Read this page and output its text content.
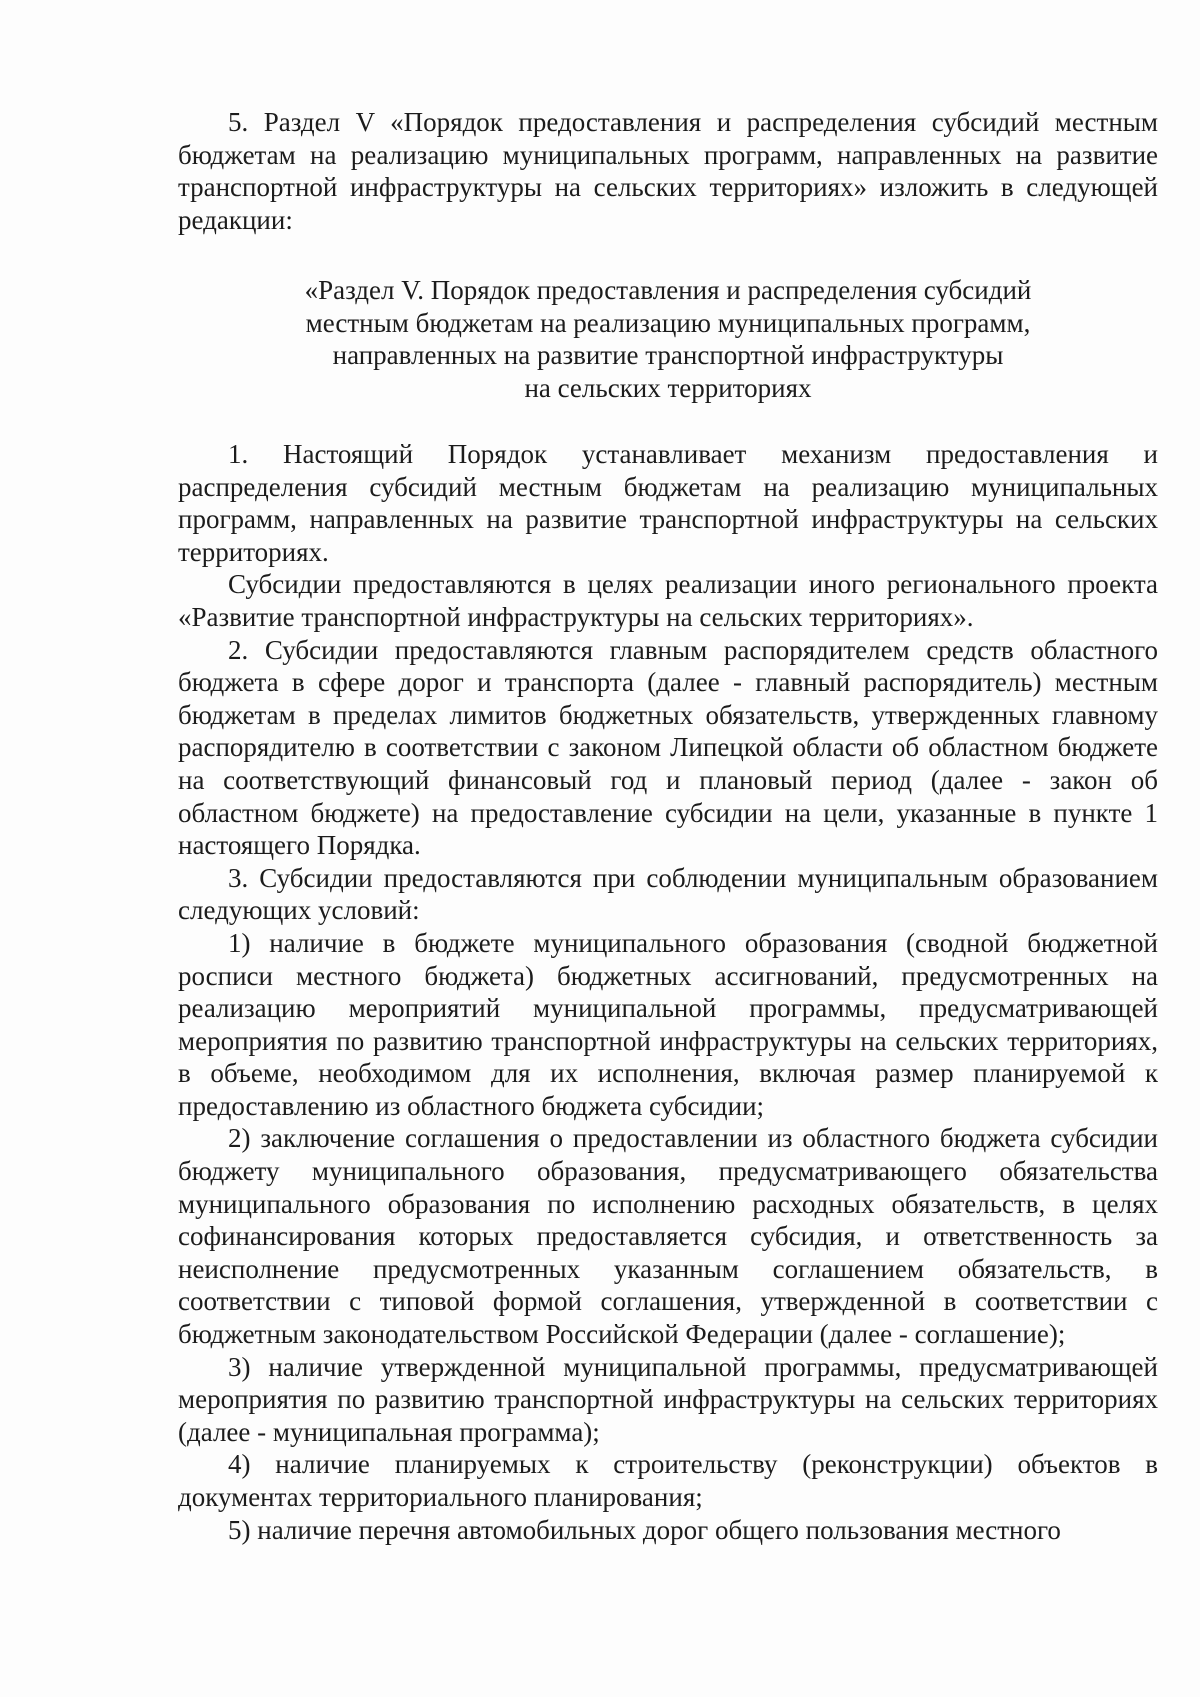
5. Раздел V «Порядок предоставления и распределения субсидий местным бюджетам на реализацию муниципальных программ, направленных на развитие транспортной инфраструктуры на сельских территориях» изложить в следующей редакции:

«Раздел V. Порядок предоставления и распределения субсидий
местным бюджетам на реализацию муниципальных программ,
направленных на развитие транспортной инфраструктуры
на сельских территориях

1. Настоящий Порядок устанавливает механизм предоставления и распределения субсидий местным бюджетам на реализацию муниципальных программ, направленных на развитие транспортной инфраструктуры на сельских территориях.

Субсидии предоставляются в целях реализации иного регионального проекта «Развитие транспортной инфраструктуры на сельских территориях».

2. Субсидии предоставляются главным распорядителем средств областного бюджета в сфере дорог и транспорта (далее - главный распорядитель) местным бюджетам в пределах лимитов бюджетных обязательств, утвержденных главному распорядителю в соответствии с законом Липецкой области об областном бюджете на соответствующий финансовый год и плановый период (далее - закон об областном бюджете) на предоставление субсидии на цели, указанные в пункте 1 настоящего Порядка.

3. Субсидии предоставляются при соблюдении муниципальным образованием следующих условий:

1) наличие в бюджете муниципального образования (сводной бюджетной росписи местного бюджета) бюджетных ассигнований, предусмотренных на реализацию мероприятий муниципальной программы, предусматривающей мероприятия по развитию транспортной инфраструктуры на сельских территориях, в объеме, необходимом для их исполнения, включая размер планируемой к предоставлению из областного бюджета субсидии;

2) заключение соглашения о предоставлении из областного бюджета субсидии бюджету муниципального образования, предусматривающего обязательства муниципального образования по исполнению расходных обязательств, в целях софинансирования которых предоставляется субсидия, и ответственность за неисполнение предусмотренных указанным соглашением обязательств, в соответствии с типовой формой соглашения, утвержденной в соответствии с бюджетным законодательством Российской Федерации (далее - соглашение);

3) наличие утвержденной муниципальной программы, предусматривающей мероприятия по развитию транспортной инфраструктуры на сельских территориях (далее - муниципальная программа);

4) наличие планируемых к строительству (реконструкции) объектов в документах территориального планирования;

5) наличие перечня автомобильных дорог общего пользования местного
